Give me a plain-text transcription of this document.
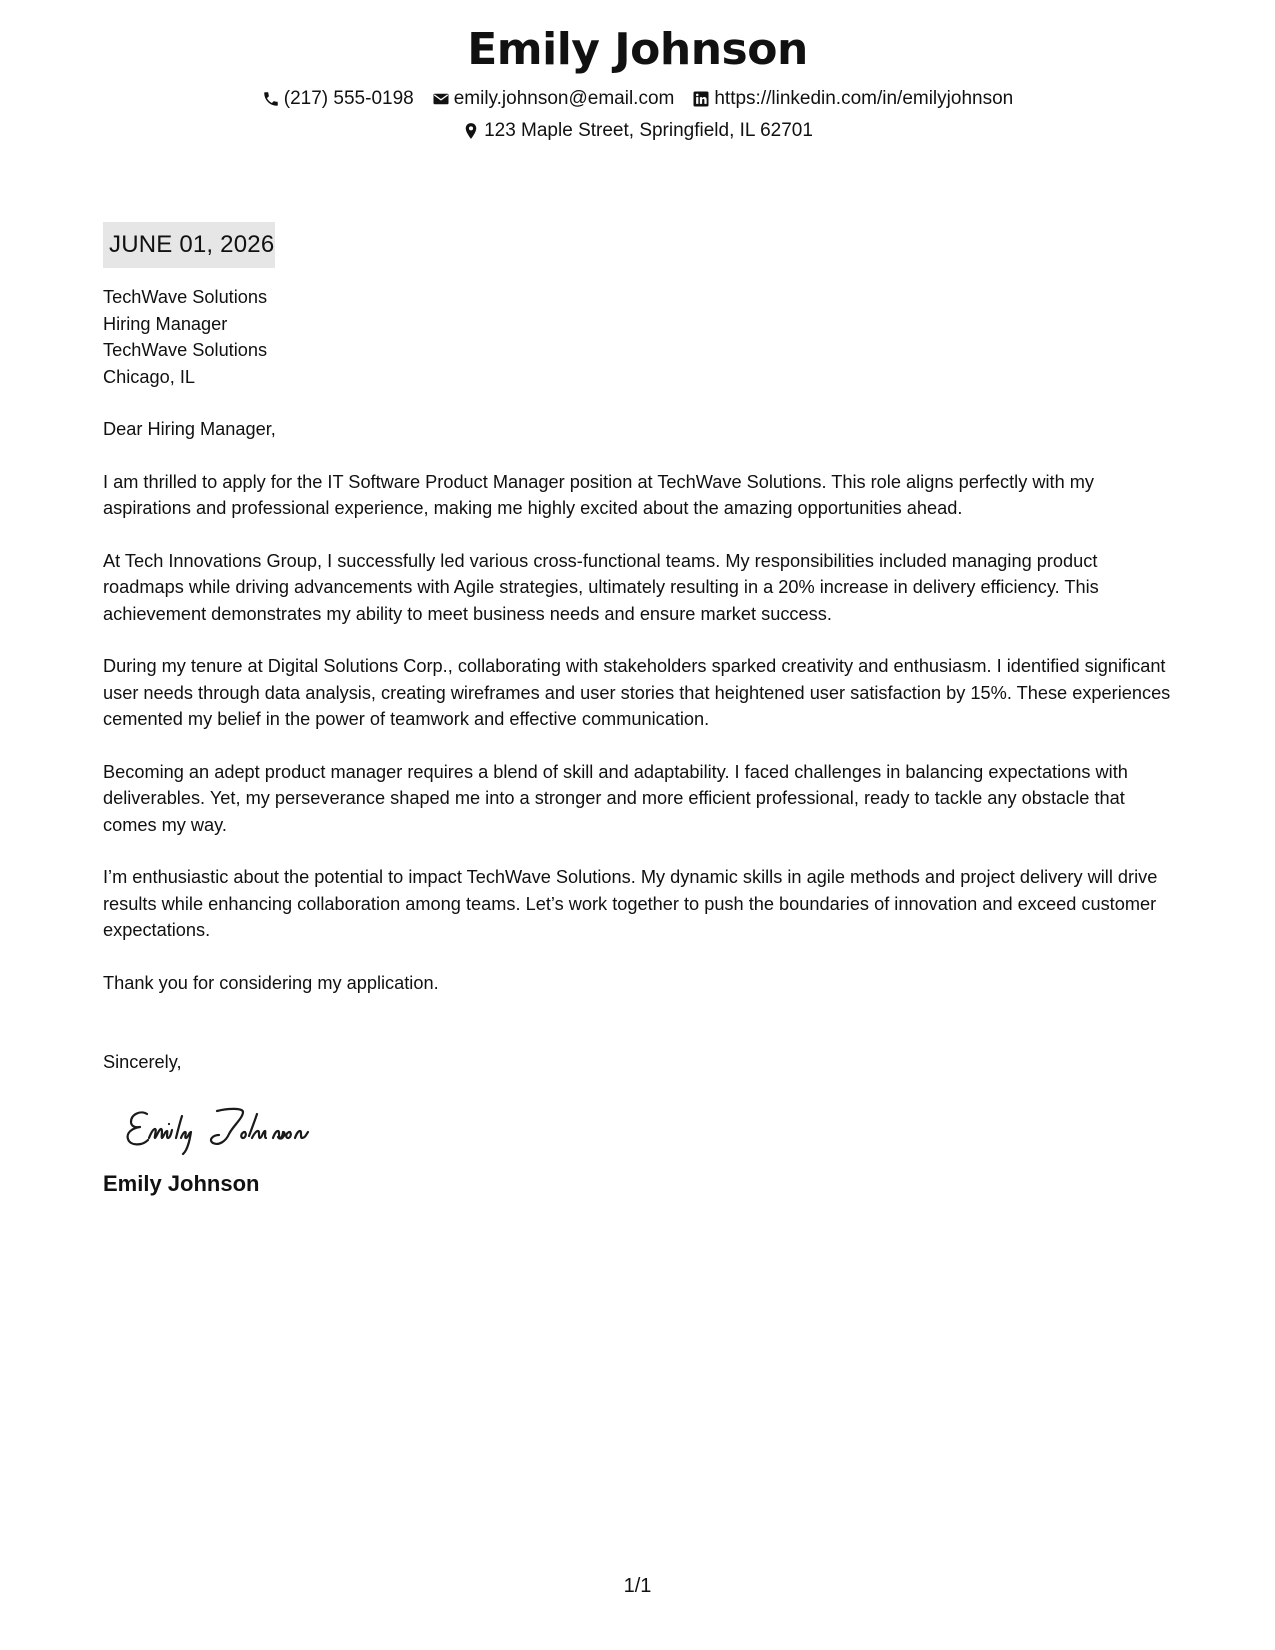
Emily Johnson
(217) 555-0198 emily.johnson@email.com https://linkedin.com/in/emilyjohnson
123 Maple Street, Springfield, IL 62701
JUNE 01, 2026
TechWave Solutions
Hiring Manager
TechWave Solutions
Chicago, IL
Dear Hiring Manager,

I am thrilled to apply for the IT Software Product Manager position at TechWave Solutions. This role aligns perfectly with my aspirations and professional experience, making me highly excited about the amazing opportunities ahead.

At Tech Innovations Group, I successfully led various cross-functional teams. My responsibilities included managing product roadmaps while driving advancements with Agile strategies, ultimately resulting in a 20% increase in delivery efficiency. This achievement demonstrates my ability to meet business needs and ensure market success.

During my tenure at Digital Solutions Corp., collaborating with stakeholders sparked creativity and enthusiasm. I identified significant user needs through data analysis, creating wireframes and user stories that heightened user satisfaction by 15%. These experiences cemented my belief in the power of teamwork and effective communication.

Becoming an adept product manager requires a blend of skill and adaptability. I faced challenges in balancing expectations with deliverables. Yet, my perseverance shaped me into a stronger and more efficient professional, ready to tackle any obstacle that comes my way.

I’m enthusiastic about the potential to impact TechWave Solutions. My dynamic skills in agile methods and project delivery will drive results while enhancing collaboration among teams. Let’s work together to push the boundaries of innovation and exceed customer expectations.

Thank you for considering my application.

Sincerely,
Emily Johnson
1/1
